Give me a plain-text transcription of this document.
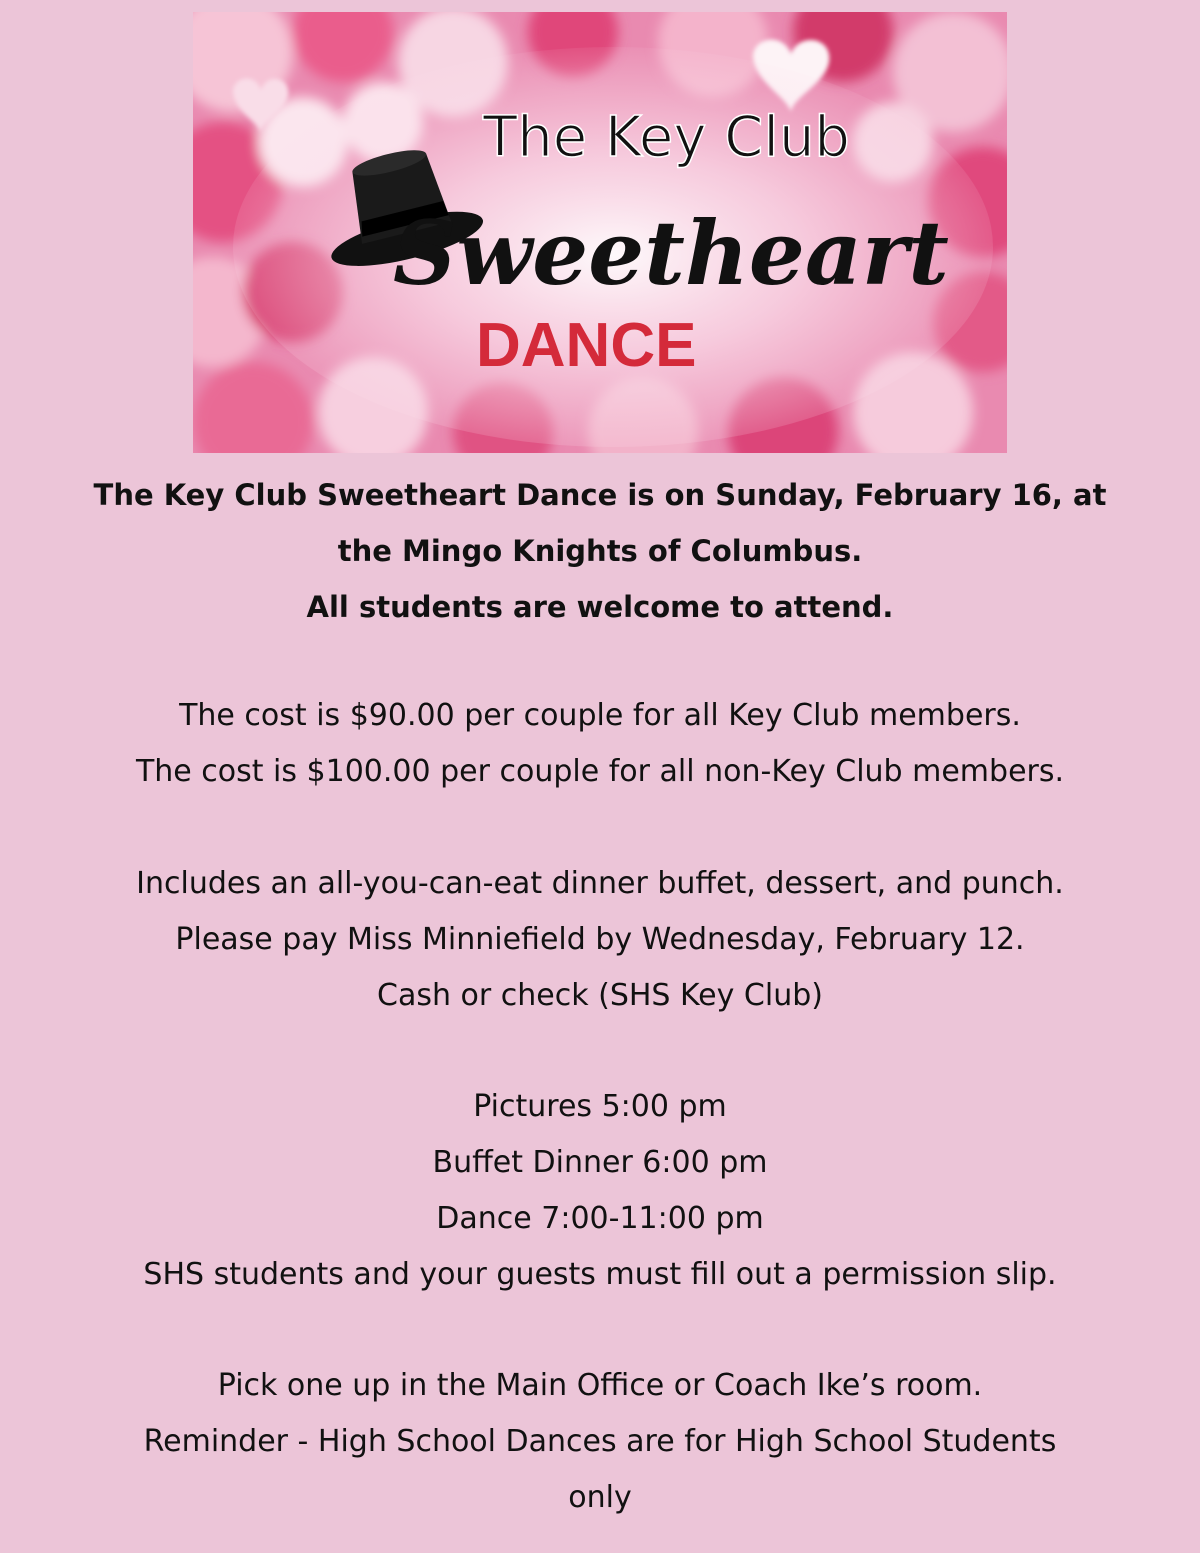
The Key Club
Sweetheart
DANCE
The Key Club Sweetheart Dance is on Sunday, February 16, at
the Mingo Knights of Columbus.
All students are welcome to attend.
The cost is $90.00 per couple for all Key Club members.
The cost is $100.00 per couple for all non-Key Club members.
Includes an all-you-can-eat dinner buffet, dessert, and punch.
Please pay Miss Minniefield by Wednesday, February 12.
Cash or check (SHS Key Club)
Pictures 5:00 pm
Buffet Dinner 6:00 pm
Dance 7:00-11:00 pm
SHS students and your guests must fill out a permission slip.
Pick one up in the Main Office or Coach Ike’s room.
Reminder - High School Dances are for High School Students
only
